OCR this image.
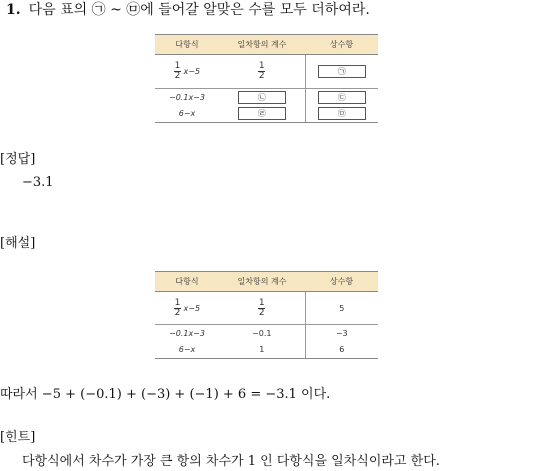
1. 다음 표의 ㉠ ~ ㉤에 들어갈 알맞은 수를 모두 더하여라.
다항식	일차항의 계수	상수항

$\frac{1}{2} x-5$	$\frac{1}{2}$	㉠
−0.1x−3	㉡	㉢
6−x	㉣	㉤
[정답]
−3.1
[해설]
다항식	일차항의 계수	상수항

$\frac{1}{2} x-5$	$\frac{1}{2}$	5
−0.1x−3	−0.1	−3
6−x	1	6
따라서 −5 + (−0.1) + (−3) + (−1) + 6 = −3.1 이다.
[힌트]
다항식에서 차수가 가장 큰 항의 차수가 1 인 다항식을 일차식이라고 한다.
